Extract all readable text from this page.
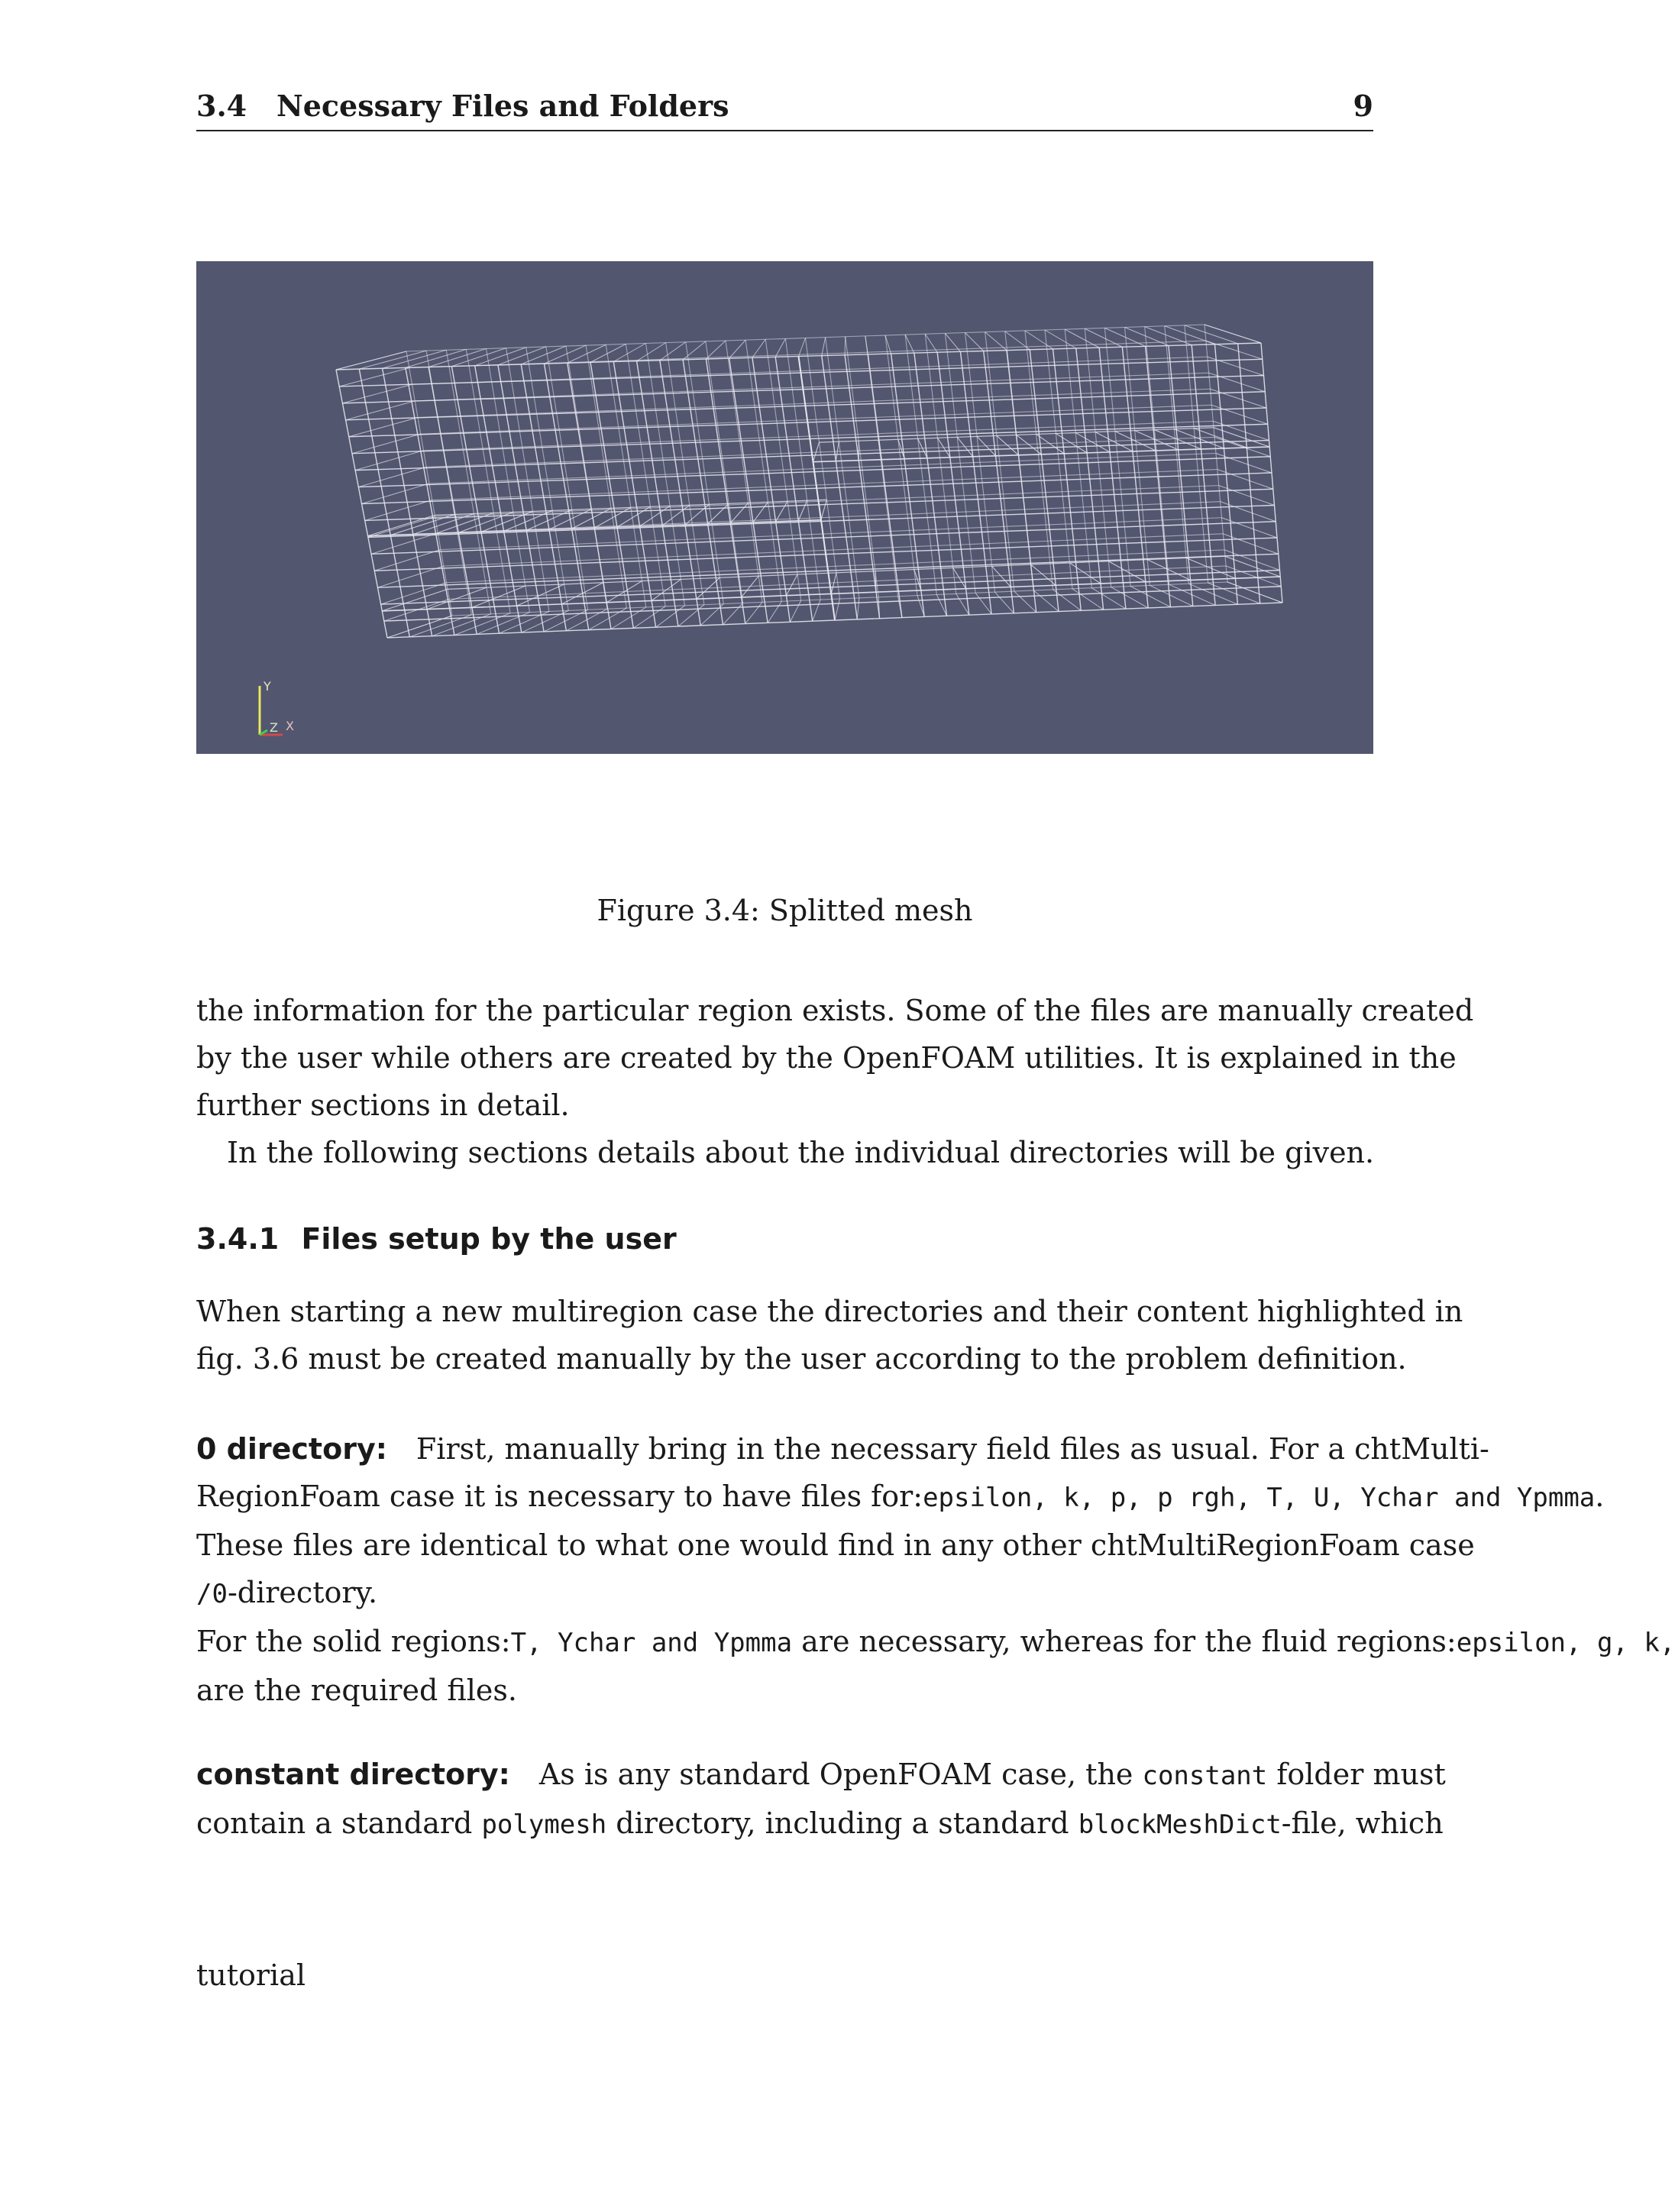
3.4 Necessary Files and Folders	9
Y
Z X
Figure 3.4: Splitted mesh
the information for the particular region exists. Some of the files are manually created
by the user while others are created by the OpenFOAM utilities. It is explained in the
further sections in detail.
In the following sections details about the individual directories will be given.
3.4.1 Files setup by the user
When starting a new multiregion case the directories and their content highlighted in
fig. 3.6 must be created manually by the user according to the problem definition.
0 directory: First, manually bring in the necessary field files as usual. For a chtMulti-
RegionFoam case it is necessary to have files for:epsilon, k, p, p rgh, T, U, Ychar and Ypmma.
These files are identical to what one would find in any other chtMultiRegionFoam case
/0-directory.
For the solid regions:T, Ychar and Ypmma are necessary, whereas for the fluid regions:epsilon, g, k,
are the required files.
constant directory: As is any standard OpenFOAM case, the constant folder must
contain a standard polymesh directory, including a standard blockMeshDict-file, which
tutorial
